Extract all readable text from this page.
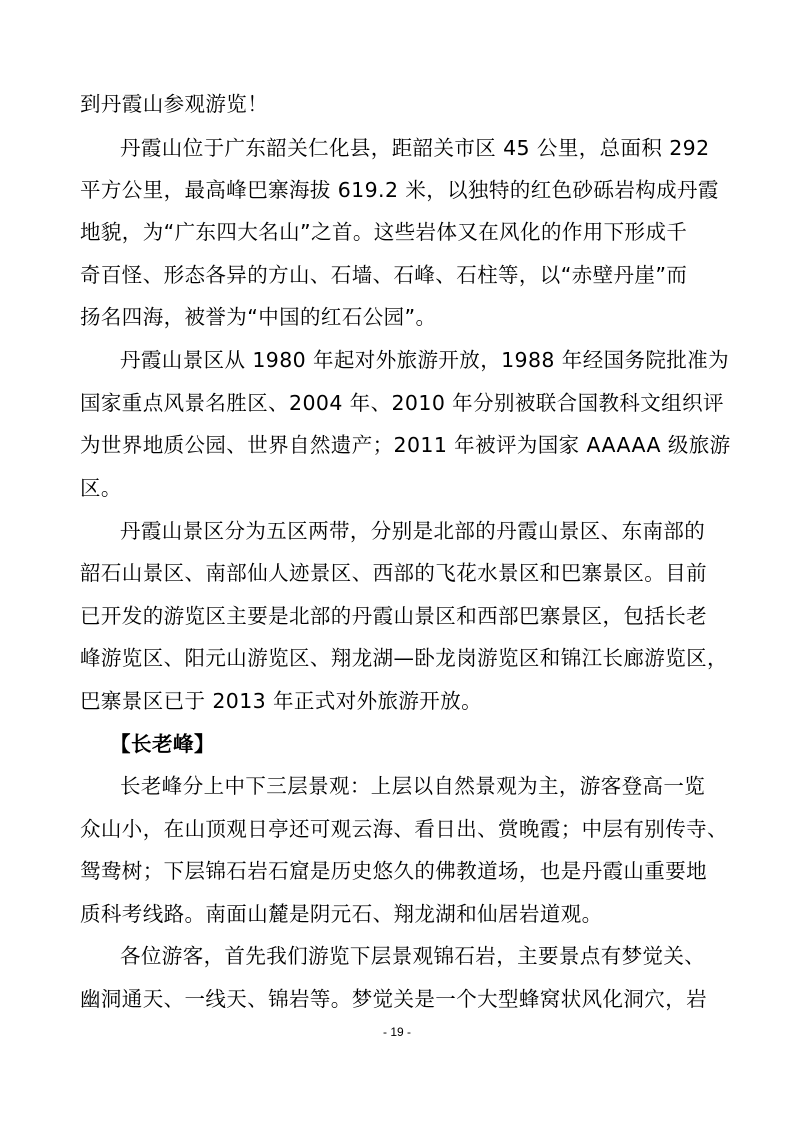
到丹霞山参观游览！
丹霞山位于广东韶关仁化县，距韶关市区 45 公里，总面积 292
平方公里，最高峰巴寨海拔 619.2 米，以独特的红色砂砾岩构成丹霞
地貌，为“广东四大名山”之首。这些岩体又在风化的作用下形成千
奇百怪、形态各异的方山、石墙、石峰、石柱等，以“赤壁丹崖”而
扬名四海，被誉为“中国的红石公园”。
丹霞山景区从 1980 年起对外旅游开放，1988 年经国务院批准为
国家重点风景名胜区、2004 年、2010 年分别被联合国教科文组织评
为世界地质公园、世界自然遗产；2011 年被评为国家 AAAAA 级旅游
区。
丹霞山景区分为五区两带，分别是北部的丹霞山景区、东南部的
韶石山景区、南部仙人迹景区、西部的飞花水景区和巴寨景区。目前
已开发的游览区主要是北部的丹霞山景区和西部巴寨景区，包括长老
峰游览区、阳元山游览区、翔龙湖—卧龙岗游览区和锦江长廊游览区，
巴寨景区已于 2013 年正式对外旅游开放。
【长老峰】
长老峰分上中下三层景观：上层以自然景观为主，游客登高一览
众山小，在山顶观日亭还可观云海、看日出、赏晚霞；中层有别传寺、
鸳鸯树；下层锦石岩石窟是历史悠久的佛教道场，也是丹霞山重要地
质科考线路。南面山麓是阴元石、翔龙湖和仙居岩道观。
各位游客，首先我们游览下层景观锦石岩，主要景点有梦觉关、
幽洞通天、一线天、锦岩等。梦觉关是一个大型蜂窝状风化洞穴，岩
- 19 -
